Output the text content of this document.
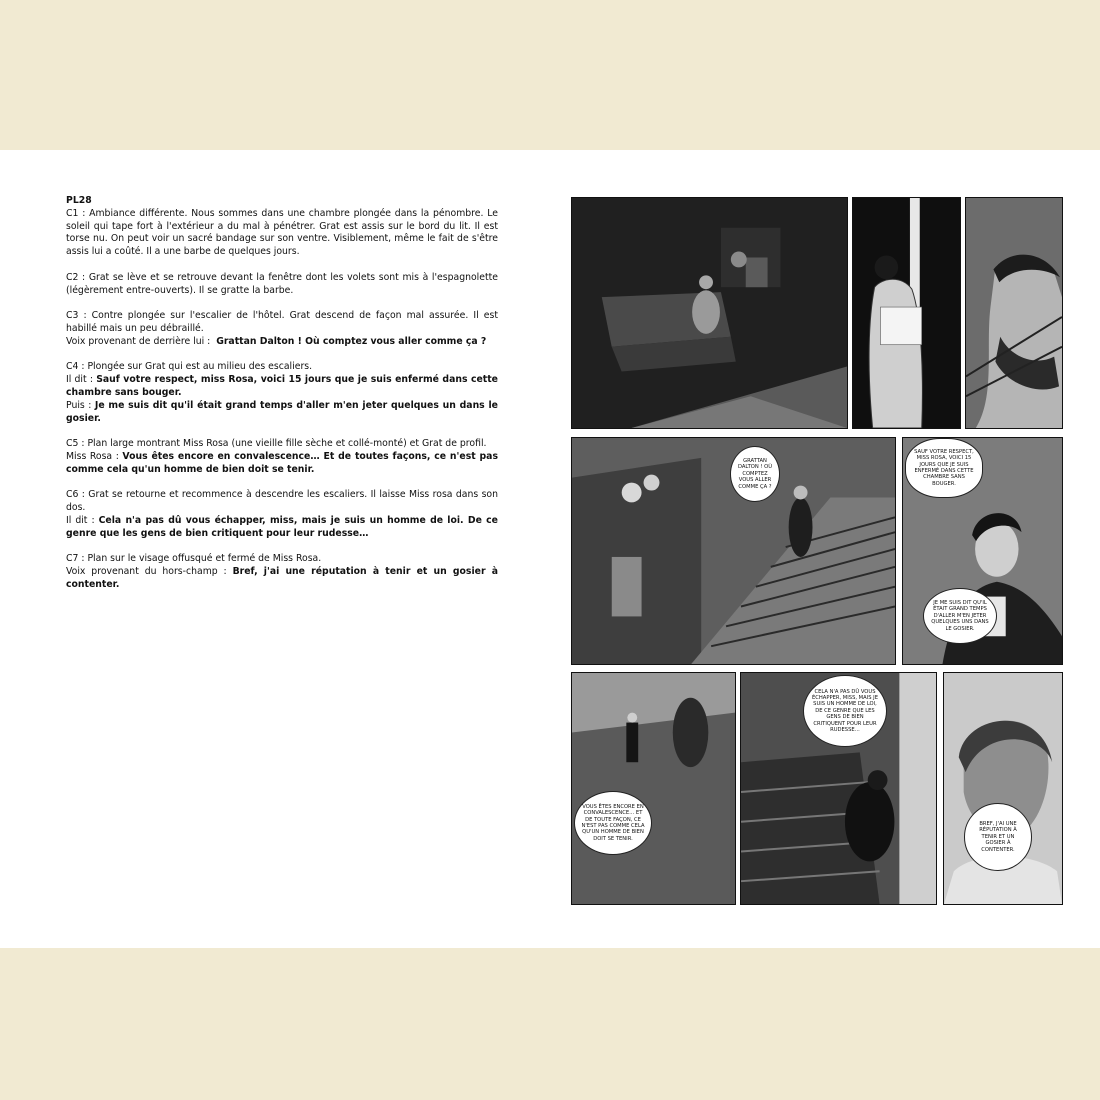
PL28

C1 : Ambiance différente. Nous sommes dans une chambre plongée dans la pénombre. Le soleil qui tape fort à l'extérieur a du mal à pénétrer. Grat est assis sur le bord du lit. Il est torse nu. On peut voir un sacré bandage sur son ventre. Visiblement, même le fait de s'être assis lui a coûté. Il a une barbe de quelques jours.

C2 : Grat se lève et se retrouve devant la fenêtre dont les volets sont mis à l'espagnolette (légèrement entre-ouverts). Il se gratte la barbe.

C3 : Contre plongée sur l'escalier de l'hôtel. Grat descend de façon mal assurée. Il est habillé mais un peu débraillé.
Voix provenant de derrière lui : Grattan Dalton ! Où comptez vous aller comme ça ?

C4 : Plongée sur Grat qui est au milieu des escaliers.
Il dit : Sauf votre respect, miss Rosa, voici 15 jours que je suis enfermé dans cette chambre sans bouger.
Puis : Je me suis dit qu'il était grand temps d'aller m'en jeter quelques un dans le gosier.

C5 : Plan large montrant Miss Rosa (une vieille fille sèche et collé-monté) et Grat de profil.
Miss Rosa : Vous êtes encore en convalescence… Et de toutes façons, ce n'est pas comme cela qu'un homme de bien doit se tenir.

C6 : Grat se retourne et recommence à descendre les escaliers. Il laisse Miss rosa dans son dos.
Il dit : Cela n'a pas dû vous échapper, miss, mais je suis un homme de loi. De ce genre que les gens de bien critiquent pour leur rudesse…

C7 : Plan sur le visage offusqué et fermé de Miss Rosa.
Voix provenant du hors-champ : Bref, j'ai une réputation à tenir et un gosier à contenter.

GRATTAN DALTON ! OÙ COMPTEZ VOUS ALLER COMME ÇA ?
SAUF VOTRE RESPECT, MISS ROSA, VOICI 15 JOURS QUE JE SUIS ENFERMÉ DANS CETTE CHAMBRE SANS BOUGER.
JE ME SUIS DIT QU'IL ÉTAIT GRAND TEMPS D'ALLER M'EN JETER QUELQUES UNS DANS LE GOSIER.
VOUS ÊTES ENCORE EN CONVALESCENCE… ET DE TOUTE FAÇON, CE N'EST PAS COMME CELA QU'UN HOMME DE BIEN DOIT SE TENIR.
CELA N'A PAS DÛ VOUS ÉCHAPPER, MISS, MAIS JE SUIS UN HOMME DE LOI, DE CE GENRE QUE LES GENS DE BIEN CRITIQUENT POUR LEUR RUDESSE…
BREF, J'AI UNE RÉPUTATION À TENIR ET UN GOSIER À CONTENTER.
